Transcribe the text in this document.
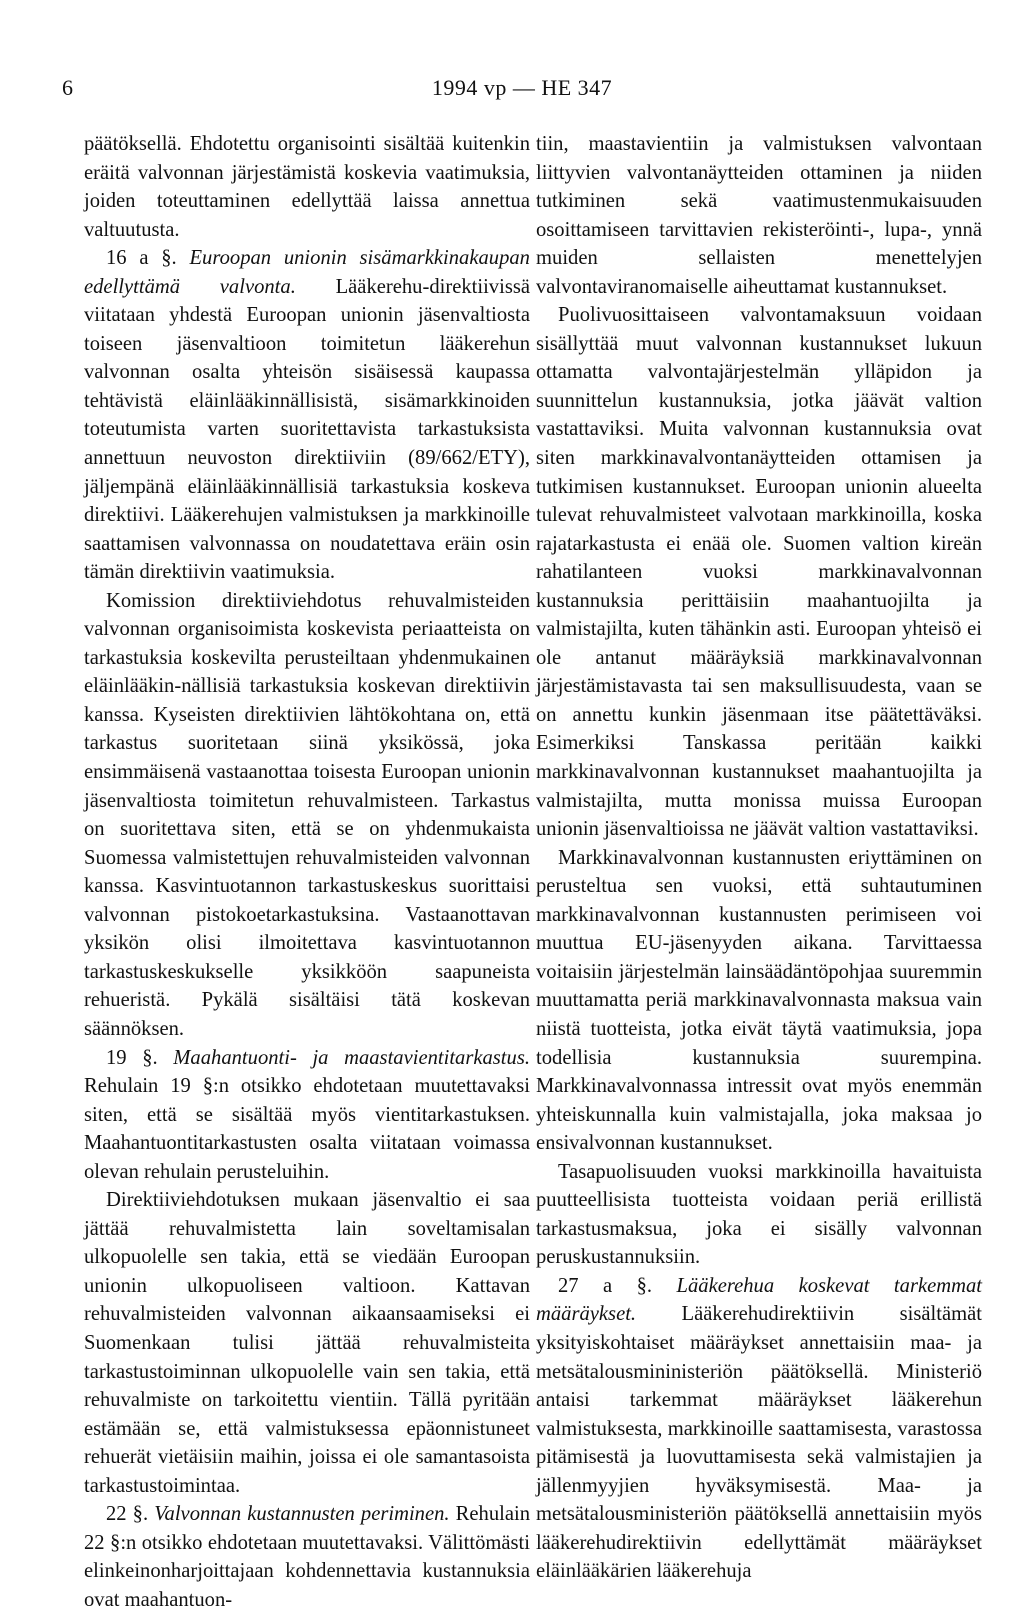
6	1994 vp — HE 347

päätöksellä. Ehdotettu organisointi sisältää kuitenkin eräitä valvonnan järjestämistä koskevia vaatimuksia, joiden toteuttaminen edellyttää laissa annettua valtuutusta.

16 a §. Euroopan unionin sisämarkkinakaupan edellyttämä valvonta. Lääkerehu-direktiivissä viitataan yhdestä Euroopan unionin jäsenvaltiosta toiseen jäsenvaltioon toimitetun lääkerehun valvonnan osalta yhteisön sisäisessä kaupassa tehtävistä eläinlääkinnällisistä, sisämarkkinoiden toteutumista varten suoritettavista tarkastuksista annettuun neuvoston direktiiviin (89/662/ETY), jäljempänä eläinlääkinnällisiä tarkastuksia koskeva direktiivi. Lääkerehujen valmistuksen ja markkinoille saattamisen valvonnassa on noudatettava eräin osin tämän direktiivin vaatimuksia.

Komission direktiiviehdotus rehuvalmisteiden valvonnan organisoimista koskevista periaatteista on tarkastuksia koskevilta perusteiltaan yhdenmukainen eläinlääkin-nällisiä tarkastuksia koskevan direktiivin kanssa. Kyseisten direktiivien lähtökohtana on, että tarkastus suoritetaan siinä yksikössä, joka ensimmäisenä vastaanottaa toisesta Euroopan unionin jäsenvaltiosta toimitetun rehuvalmisteen. Tarkastus on suoritettava siten, että se on yhdenmukaista Suomessa valmistettujen rehuvalmisteiden valvonnan kanssa. Kasvintuotannon tarkastuskeskus suorittaisi valvonnan pistokoetarkastuksina. Vastaanottavan yksikön olisi ilmoitettava kasvintuotannon tarkastuskeskukselle yksikköön saapuneista rehueristä. Pykälä sisältäisi tätä koskevan säännöksen.

19 §. Maahantuonti- ja maastavientitarkastus. Rehulain 19 §:n otsikko ehdotetaan muutettavaksi siten, että se sisältää myös vientitarkastuksen. Maahantuontitarkastusten osalta viitataan voimassa olevan rehulain perusteluihin.

Direktiiviehdotuksen mukaan jäsenvaltio ei saa jättää rehuvalmistetta lain soveltamisalan ulkopuolelle sen takia, että se viedään Euroopan unionin ulkopuoliseen valtioon. Kattavan rehuvalmisteiden valvonnan aikaansaamiseksi ei Suomenkaan tulisi jättää rehuvalmisteita tarkastustoiminnan ulkopuolelle vain sen takia, että rehuvalmiste on tarkoitettu vientiin. Tällä pyritään estämään se, että valmistuksessa epäonnistuneet rehuerät vietäisiin maihin, joissa ei ole samantasoista tarkastustoimintaa.

22 §. Valvonnan kustannusten periminen. Rehulain 22 §:n otsikko ehdotetaan muutettavaksi. Välittömästi elinkeinonharjoittajaan kohdennettavia kustannuksia ovat maahantuon-

tiin, maastavientiin ja valmistuksen valvontaan liittyvien valvontanäytteiden ottaminen ja niiden tutkiminen sekä vaatimustenmukaisuuden osoittamiseen tarvittavien rekisteröinti-, lupa-, ynnä muiden sellaisten menettelyjen valvontaviranomaiselle aiheuttamat kustannukset.

Puolivuosittaiseen valvontamaksuun voidaan sisällyttää muut valvonnan kustannukset lukuun ottamatta valvontajärjestelmän ylläpidon ja suunnittelun kustannuksia, jotka jäävät valtion vastattaviksi. Muita valvonnan kustannuksia ovat siten markkinavalvontanäytteiden ottamisen ja tutkimisen kustannukset. Euroopan unionin alueelta tulevat rehuvalmisteet valvotaan markkinoilla, koska rajatarkastusta ei enää ole. Suomen valtion kireän rahatilanteen vuoksi markkinavalvonnan kustannuksia perittäisiin maahantuojilta ja valmistajilta, kuten tähänkin asti. Euroopan yhteisö ei ole antanut määräyksiä markkinavalvonnan järjestämistavasta tai sen maksullisuudesta, vaan se on annettu kunkin jäsenmaan itse päätettäväksi. Esimerkiksi Tanskassa peritään kaikki markkinavalvonnan kustannukset maahantuojilta ja valmistajilta, mutta monissa muissa Euroopan unionin jäsenvaltioissa ne jäävät valtion vastattaviksi.

Markkinavalvonnan kustannusten eriyttäminen on perusteltua sen vuoksi, että suhtautuminen markkinavalvonnan kustannusten perimiseen voi muuttua EU-jäsenyyden aikana. Tarvittaessa voitaisiin järjestelmän lainsäädäntöpohjaa suuremmin muuttamatta periä markkinavalvonnasta maksua vain niistä tuotteista, jotka eivät täytä vaatimuksia, jopa todellisia kustannuksia suurempina. Markkinavalvonnassa intressit ovat myös enemmän yhteiskunnalla kuin valmistajalla, joka maksaa jo ensivalvonnan kustannukset.

Tasapuolisuuden vuoksi markkinoilla havaituista puutteellisista tuotteista voidaan periä erillistä tarkastusmaksua, joka ei sisälly valvonnan peruskustannuksiin.

27 a §. Lääkerehua koskevat tarkemmat määräykset. Lääkerehudirektiivin sisältämät yksityiskohtaiset määräykset annettaisiin maa- ja metsätalousmininisteriön päätöksellä. Ministeriö antaisi tarkemmat määräykset lääkerehun valmistuksesta, markkinoille saattamisesta, varastossa pitämisestä ja luovuttamisesta sekä valmistajien ja jällenmyyjien hyväksymisestä. Maa- ja metsätalousministeriön päätöksellä annettaisiin myös lääkerehudirektiivin edellyttämät määräykset eläinlääkärien lääkerehuja
